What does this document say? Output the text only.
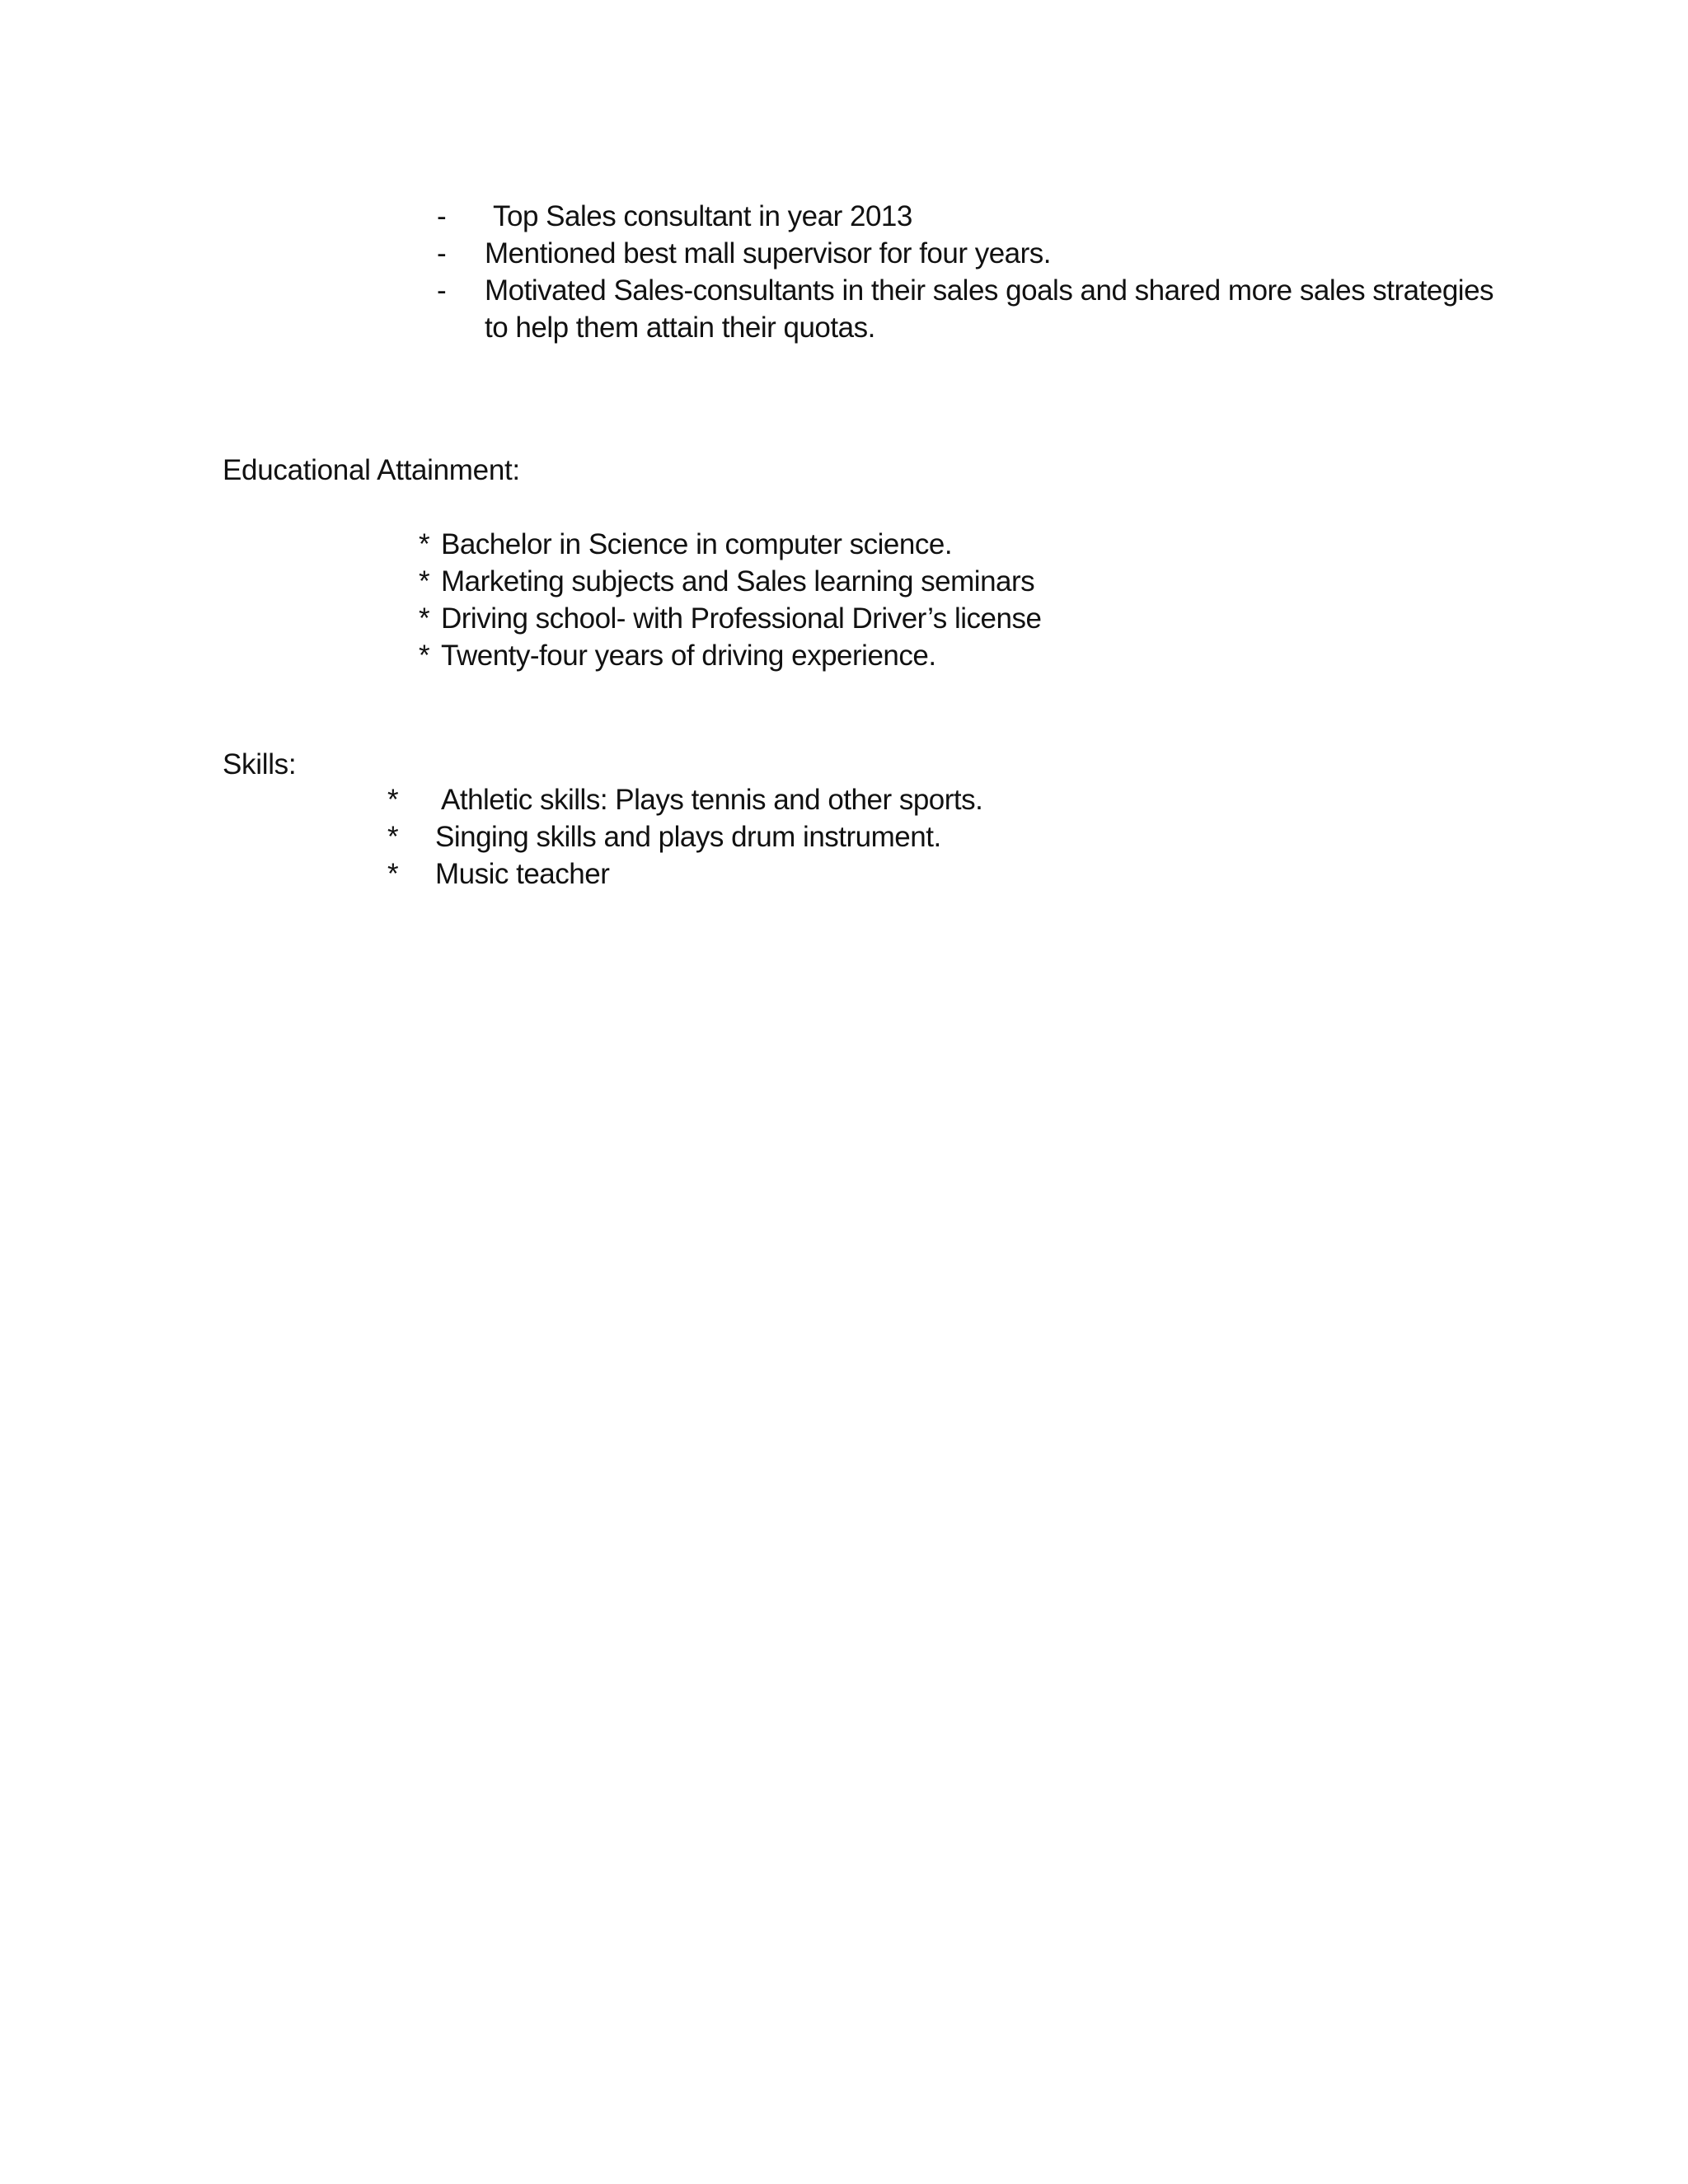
- Top Sales consultant in year 2013
- Mentioned best mall supervisor for four years.
- Motivated Sales-consultants in their sales goals and shared more sales strategies
to help them attain their quotas.
Educational Attainment:
* Bachelor in Science in computer science.
* Marketing subjects and Sales learning seminars
* Driving school- with Professional Driver’s license
* Twenty-four years of driving experience.
Skills:
* Athletic skills: Plays tennis and other sports.
* Singing skills and plays drum instrument.
* Music teacher
